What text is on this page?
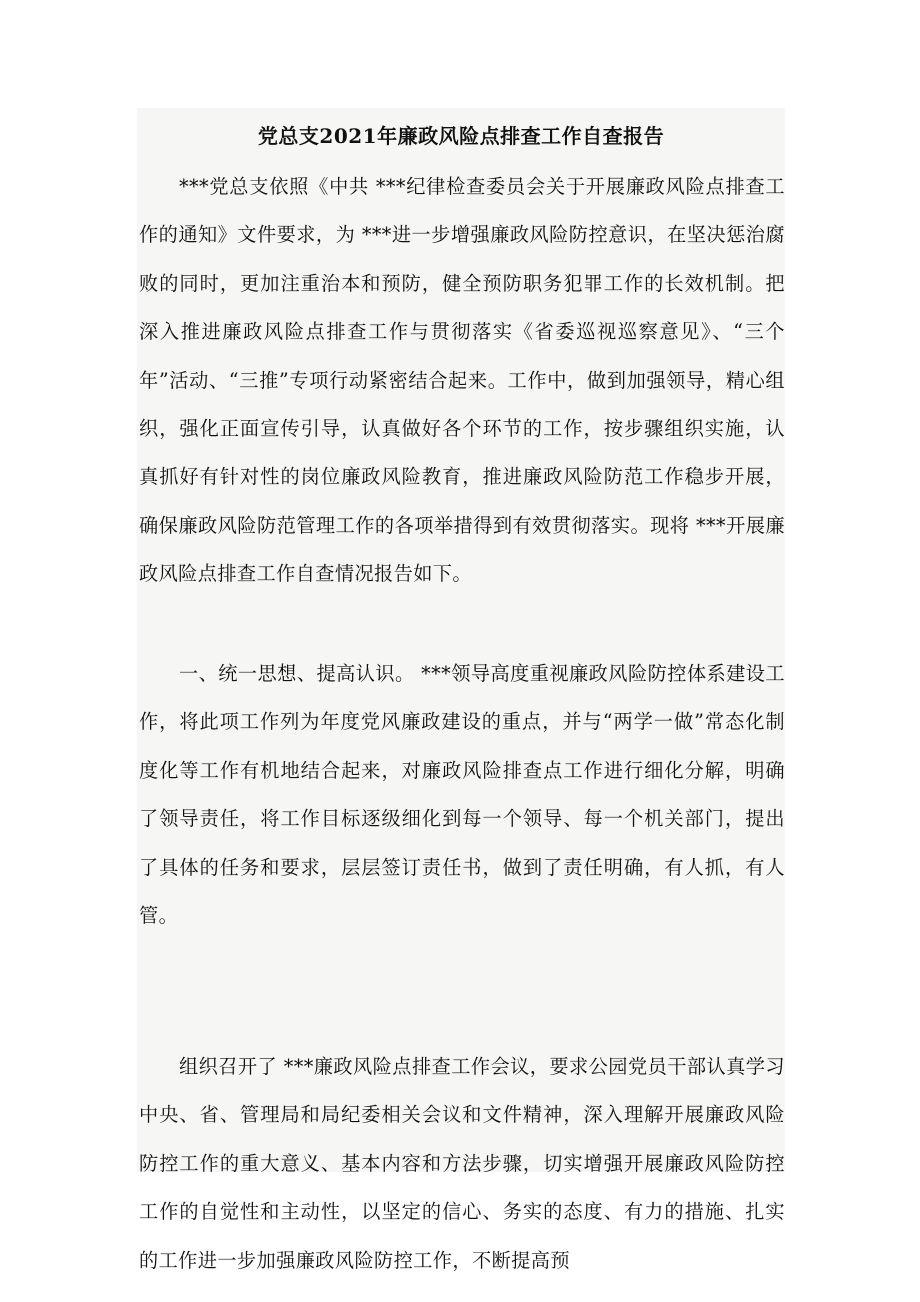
党总支2021年廉政风险点排查工作自查报告

***党总支依照《中共 ***纪律检查委员会关于开展廉政风险点排查工作的通知》文件要求，为 ***进一步增强廉政风险防控意识，在坚决惩治腐败的同时，更加注重治本和预防，健全预防职务犯罪工作的长效机制。把深入推进廉政风险点排查工作与贯彻落实《省委巡视巡察意见》、“三个年”活动、“三推”专项行动紧密结合起来。工作中，做到加强领导，精心组织，强化正面宣传引导，认真做好各个环节的工作，按步骤组织实施，认真抓好有针对性的岗位廉政风险教育，推进廉政风险防范工作稳步开展，确保廉政风险防范管理工作的各项举措得到有效贯彻落实。现将 ***开展廉政风险点排查工作自查情况报告如下。

一、统一思想、提高认识。 ***领导高度重视廉政风险防控体系建设工作，将此项工作列为年度党风廉政建设的重点，并与“两学一做”常态化制度化等工作有机地结合起来，对廉政风险排查点工作进行细化分解，明确了领导责任，将工作目标逐级细化到每一个领导、每一个机关部门，提出了具体的任务和要求，层层签订责任书，做到了责任明确，有人抓，有人管。

组织召开了 ***廉政风险点排查工作会议，要求公园党员干部认真学习中央、省、管理局和局纪委相关会议和文件精神，深入理解开展廉政风险防控工作的重大意义、基本内容和方法步骤，切实增强开展廉政风险防控工作的自觉性和主动性，以坚定的信心、务实的态度、有力的措施、扎实的工作进一步加强廉政风险防控工作，不断提高预
